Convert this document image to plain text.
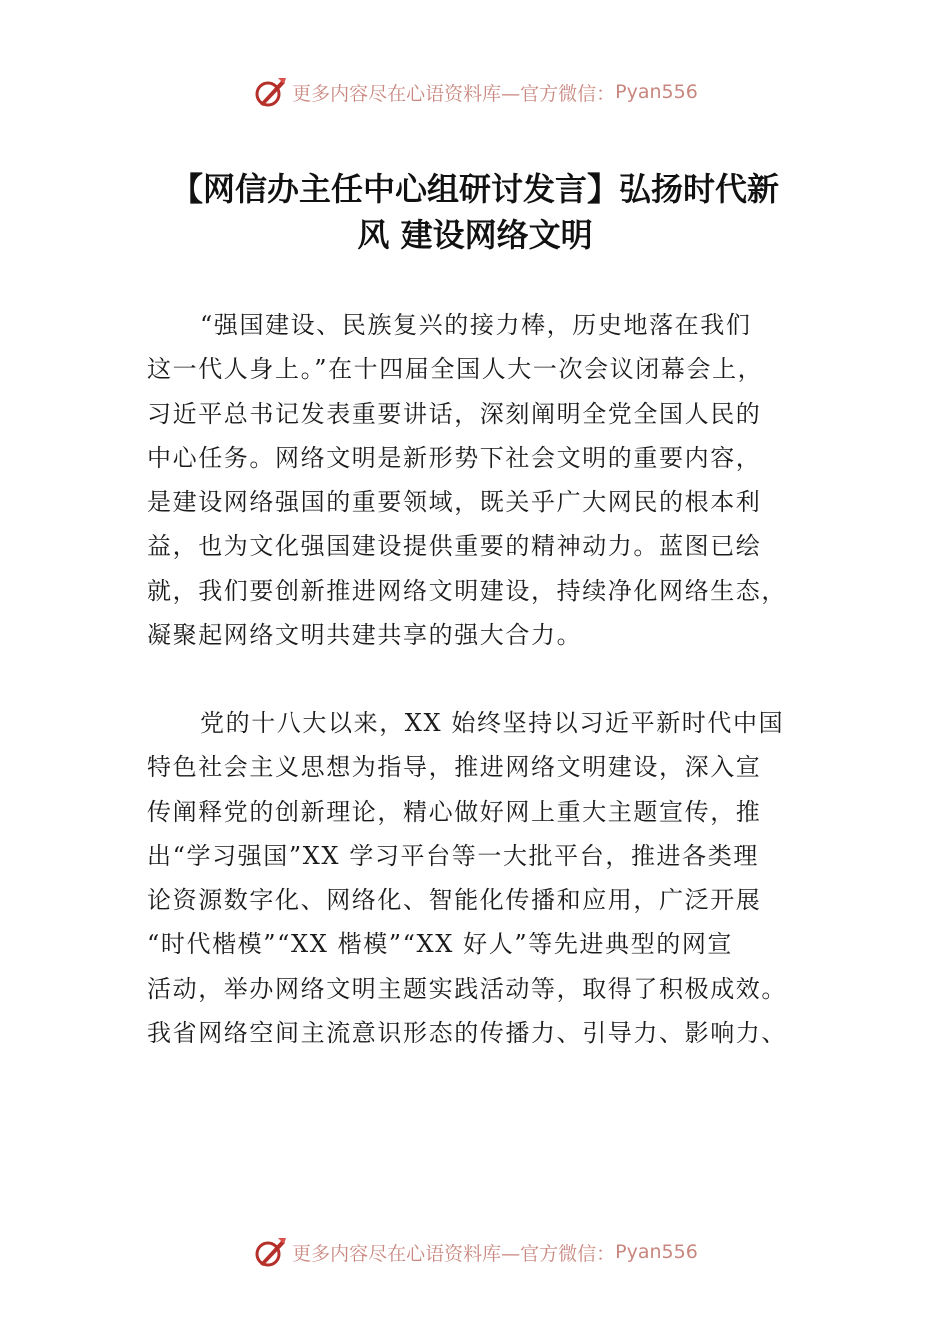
更多内容尽在心语资料库—官方微信： Pyan556
【网信办主任中心组研讨发言】弘扬时代新
风 建设网络文明
“强国建设、民族复兴的接力棒，历史地落在我们
这一代人身上。”在十四届全国人大一次会议闭幕会上，
习近平总书记发表重要讲话，深刻阐明全党全国人民的
中心任务。网络文明是新形势下社会文明的重要内容，
是建设网络强国的重要领域，既关乎广大网民的根本利
益，也为文化强国建设提供重要的精神动力。蓝图已绘
就，我们要创新推进网络文明建设，持续净化网络生态，
凝聚起网络文明共建共享的强大合力。
党的十八大以来，XX 始终坚持以习近平新时代中国
特色社会主义思想为指导，推进网络文明建设，深入宣
传阐释党的创新理论，精心做好网上重大主题宣传，推
出“学习强国”XX 学习平台等一大批平台，推进各类理
论资源数字化、网络化、智能化传播和应用，广泛开展
“时代楷模”“XX 楷模”“XX 好人”等先进典型的网宣
活动，举办网络文明主题实践活动等，取得了积极成效。
我省网络空间主流意识形态的传播力、引导力、影响力、
更多内容尽在心语资料库—官方微信： Pyan556
